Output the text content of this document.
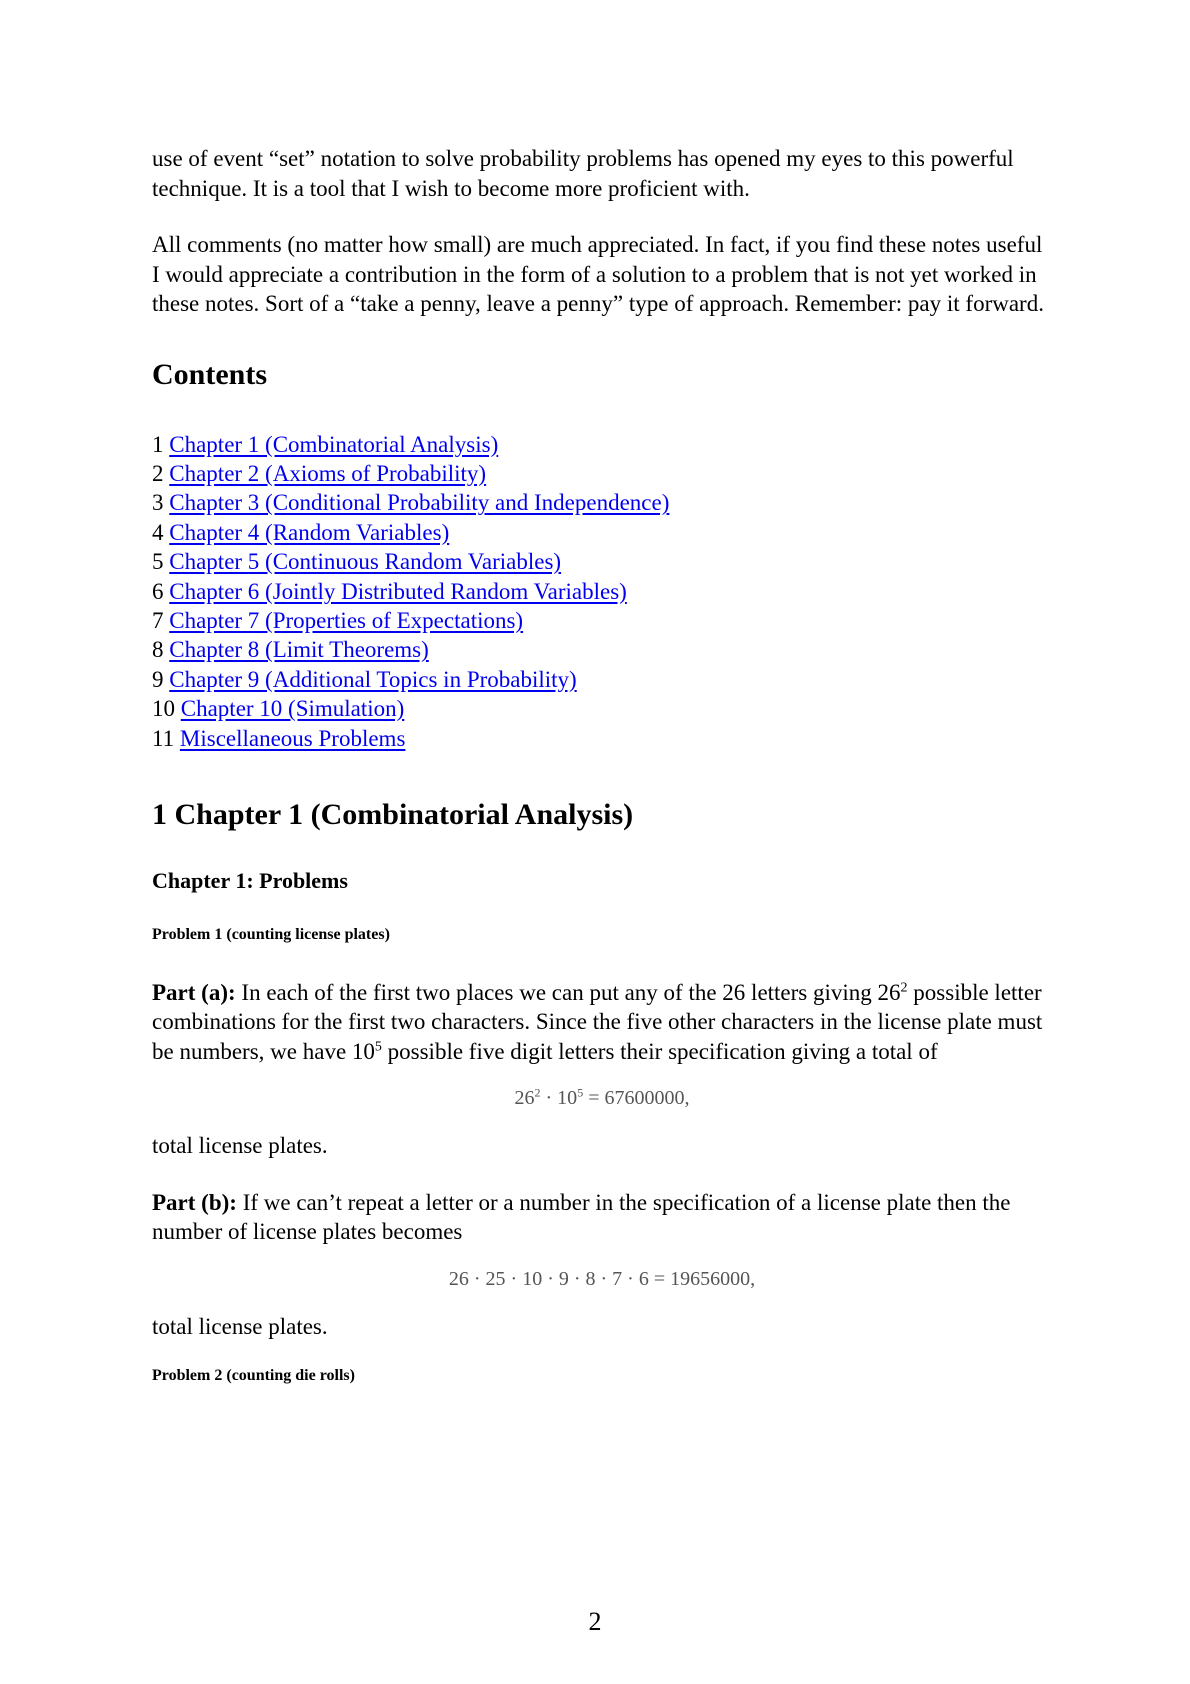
use of event “set” notation to solve probability problems has opened my eyes to this powerful technique. It is a tool that I wish to become more proficient with.

All comments (no matter how small) are much appreciated. In fact, if you find these notes useful I would appreciate a contribution in the form of a solution to a problem that is not yet worked in these notes. Sort of a “take a penny, leave a penny” type of approach. Remember: pay it forward.

Contents
1 Chapter 1 (Combinatorial Analysis)
2 Chapter 2 (Axioms of Probability)
3 Chapter 3 (Conditional Probability and Independence)
4 Chapter 4 (Random Variables)
5 Chapter 5 (Continuous Random Variables)
6 Chapter 6 (Jointly Distributed Random Variables)
7 Chapter 7 (Properties of Expectations)
8 Chapter 8 (Limit Theorems)
9 Chapter 9 (Additional Topics in Probability)
10 Chapter 10 (Simulation)
11 Miscellaneous Problems
1 Chapter 1 (Combinatorial Analysis)
Chapter 1: Problems
Problem 1 (counting license plates)

Part (a): In each of the first two places we can put any of the 26 letters giving $26^2$ possible letter combinations for the first two characters. Since the five other characters in the license plate must be numbers, we have $10^5$ possible five digit letters their specification giving a total of

$26^2 \cdot 10^5 = 67600000$,

total license plates.

Part (b): If we can’t repeat a letter or a number in the specification of a license plate then the number of license plates becomes

26 · 25 · 10 · 9 · 8 · 7 · 6 = 19656000,

total license plates.

Problem 2 (counting die rolls)
2
